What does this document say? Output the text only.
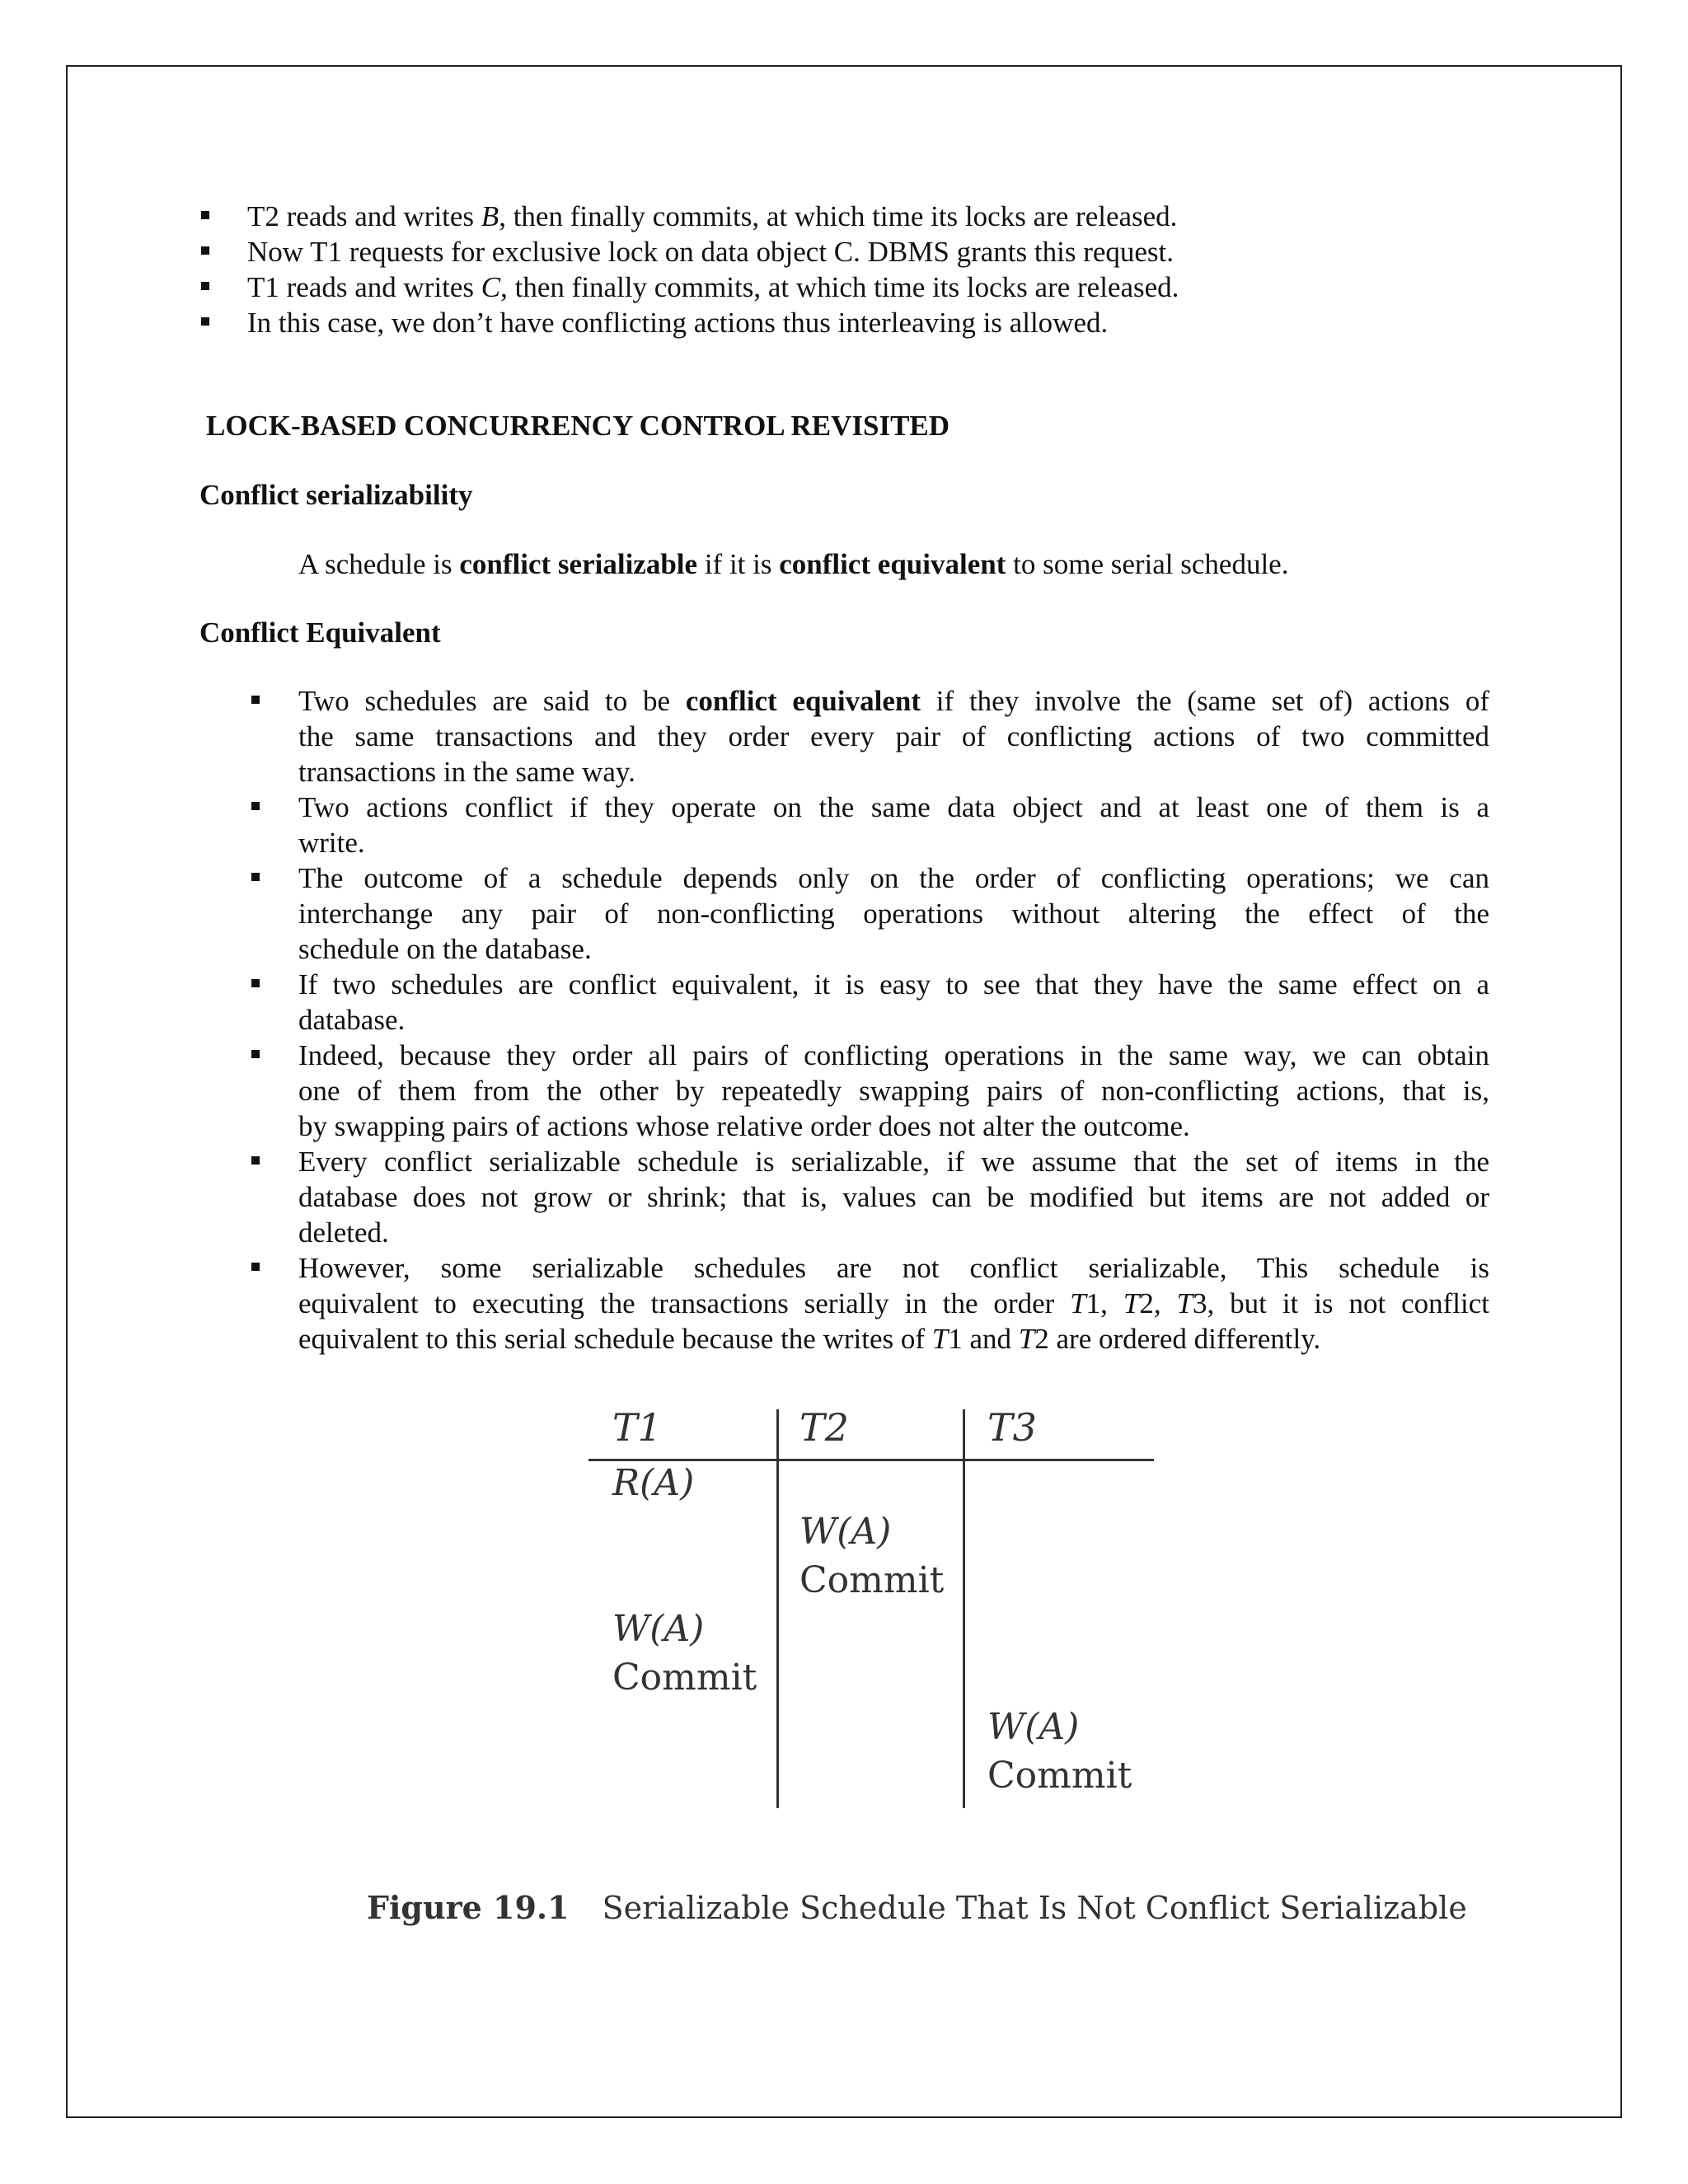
T2 reads and writes B, then finally commits, at which time its locks are released.
Now T1 requests for exclusive lock on data object C. DBMS grants this request.
T1 reads and writes C, then finally commits, at which time its locks are released.
In this case, we don’t have conflicting actions thus interleaving is allowed.
LOCK-BASED CONCURRENCY CONTROL REVISITED
Conflict serializability
A schedule is conflict serializable if it is conflict equivalent to some serial schedule.
Conflict Equivalent
Two schedules are said to be conflict equivalent if they involve the (same set of) actions of
the same transactions and they order every pair of conflicting actions of two committed
transactions in the same way.
Two actions conflict if they operate on the same data object and at least one of them is a
write.
The outcome of a schedule depends only on the order of conflicting operations; we can
interchange any pair of non-conflicting operations without altering the effect of the
schedule on the database.
If two schedules are conflict equivalent, it is easy to see that they have the same effect on a
database.
Indeed, because they order all pairs of conflicting operations in the same way, we can obtain
one of them from the other by repeatedly swapping pairs of non-conflicting actions, that is,
by swapping pairs of actions whose relative order does not alter the outcome.
Every conflict serializable schedule is serializable, if we assume that the set of items in the
database does not grow or shrink; that is, values can be modified but items are not added or
deleted.
However, some serializable schedules are not conflict serializable, This schedule is
equivalent to executing the transactions serially in the order T1, T2, T3, but it is not conflict
equivalent to this serial schedule because the writes of T1 and T2 are ordered differently.
T1	T2	T3
R(A)
W(A)
Commit
W(A)
Commit
W(A)
Commit
Figure 19.1 Serializable Schedule That Is Not Conflict Serializable
